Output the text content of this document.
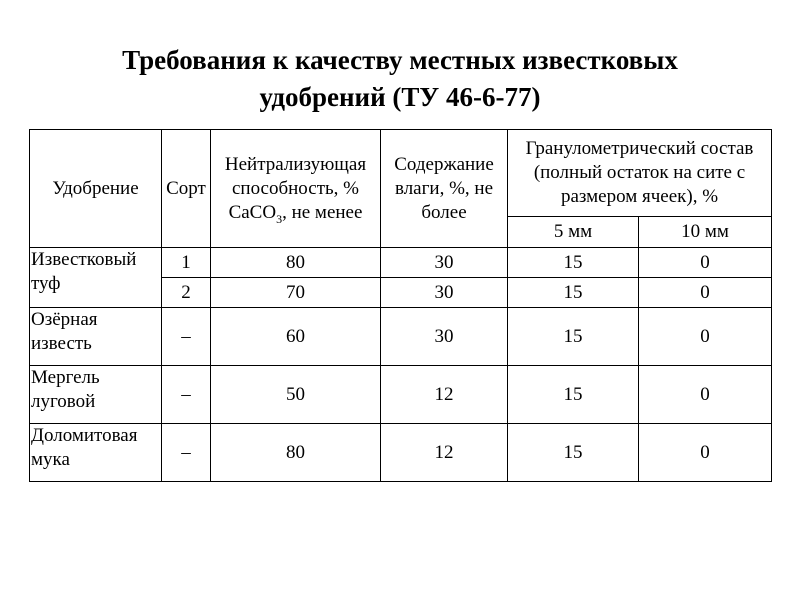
Требования к качеству местных известковых
удобрений (ТУ 46-6-77)
Удобрение	Сорт	Нейтрализующая способность, % CaCO$_3$, не менее	Содержание влаги, %, не более	Гранулометрический состав (полный остаток на сите с размером ячеек), %	
				5 мм	10 мм
Известковый туф	1	80	30	15	0
	2	70	30	15	0
Озёрная известь	–	60	30	15	0
Мергель луговой	–	50	12	15	0
Доломитовая мука	–	80	12	15	0
